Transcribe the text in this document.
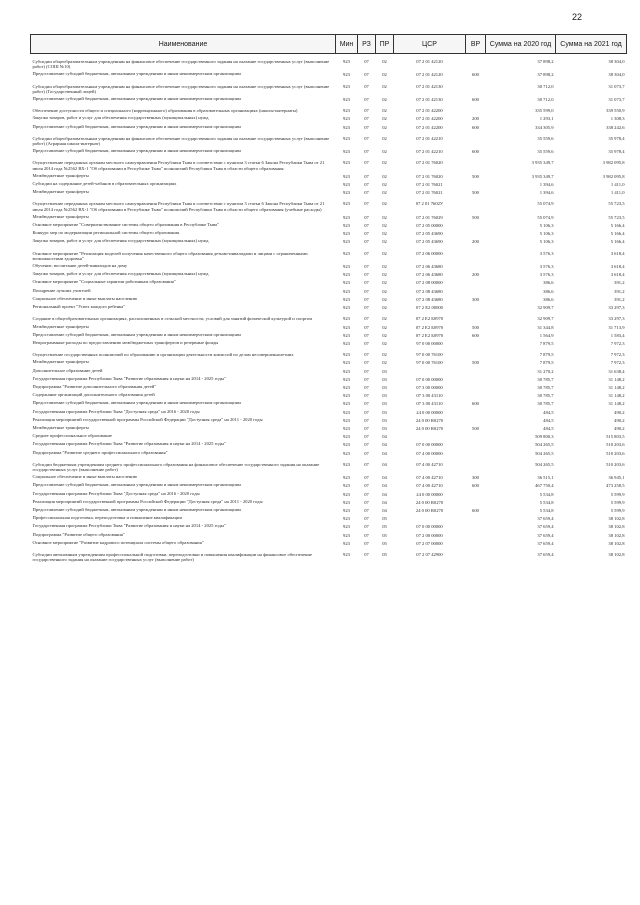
22
Наименование	Мин	РЗ	ПР	ЦСР	ВР	Сумма на 2020 год	Сумма на 2021 год
Субсидии общеобразовательным учреждениям на финансовое обеспечение государственного задания на оказание государственных услуг (выполнение работ) (СОШ №10)	923	07	02	07 2 01 42120		37 898,2	38 304,0
Предоставление субсидий бюджетным, автономным учреждениям и иным некоммерческим организациям	923	07	02	07 2 01 42120	600	37 898,2	38 304,0
Субсидии общеобразовательным учреждениям на финансовое обеспечение государственного задания на оказание государственных услуг (выполнение работ) (Государственный лицей)	923	07	02	07 2 01 42130		30 712,0	31 073,7
Предоставление субсидий бюджетным, автономным учреждениям и иным некоммерческим организациям	923	07	02	07 2 01 42130	600	30 712,0	31 073,7
Обеспечение доступности общего и специального (коррекционного) образования в образовательных организациях (школы-интернаты)	923	07	02	07 2 01 42200		335 599,0	339 550,9
Закупка товаров, работ и услуг для обеспечения государственных (муниципальных) нужд	923	07	02	07 2 01 42200	200	1 293,1	1 308,3
Предоставление субсидий бюджетным, автономным учреждениям и иным некоммерческим организациям	923	07	02	07 2 01 42200	600	334 305,9	338 242,6
Субсидии общеобразовательным учреждениям на финансовое обеспечение государственного задания на оказание государственных услуг (выполнение работ) (Аграрная школа-интернат)	923	07	02	07 2 01 42210		35 559,6	35 978,4
Предоставление субсидий бюджетным, автономным учреждениям и иным некоммерческим организациям	923	07	02	07 2 01 42210	600	35 559,6	35 978,4
Осуществление переданных органам местного самоуправления Республики Тыва в соответствии с пунктом 3 статьи 6 Закона Республики Тыва от 21 июля 2014 года №2562 ВХ-1 "Об образовании в Республике Тыва" полномочий Республики Тыва в области общего образования	923	07	02	07 2 01 76020		3 935 349,7	3 982 095,8
Межбюджетные трансферты	923	07	02	07 2 01 76020	500	3 935 349,7	3 982 095,8
Субсидии на содержание детей-чабанов в образовательных организациях	923	07	02	07 2 01 76021		1 394,6	1 411,0
Межбюджетные трансферты	923	07	02	07 2 01 76021	500	1 394,6	1 411,0
Осуществление переданных органам местного самоуправления Республики Тыва в соответствии с пунктом 3 статьи 6 Закона Республики Тыва от 21 июля 2014 года №2562 ВХ-1 "Об образовании в Республике Тыва" полномочий Республики Тыва в области общего образования (учебные расходы)	923	07	02	07 2 01 7602У		55 074,9	55 723,5
Межбюджетные трансферты	923	07	02	07 2 01 76029	500	55 074,9	55 723,5
Основное мероприятие "Совершенствование системы общего образования в Республике Тыва"	923	07	02	07 2 05 00000		5 106,3	5 166,4
Конкурс мер по модернизации региональной системы общего образования	923	07	02	07 2 05 43690		5 106,3	5 166,4
Закупка товаров, работ и услуг для обеспечения государственных (муниципальных) нужд	923	07	02	07 2 05 43690	200	5 106,3	5 166,4
Основное мероприятие "Реализация моделей получения качественного общего образования детьми-инвалидами и лицами с ограниченными возможностями здоровья"	923	07	02	07 2 06 00000		3 576,3	3 618,4
Обучение, воспитание детей-инвалидов на дому	923	07	02	07 2 06 43680		3 576,3	3 618,4
Закупка товаров, работ и услуг для обеспечения государственных (муниципальных) нужд	923	07	02	07 2 06 43680	200	3 576,3	3 618,4
Основное мероприятие "Социальные гарантии работникам образования"	923	07	02	07 2 08 00000		386,6	391,2
Поощрение лучших учителей	923	07	02	07 2 08 43680		386,6	391,2
Социальное обеспечение и иные выплаты населению	923	07	02	07 2 08 43680	300	386,6	391,2
Региональный проект "Успех каждого ребенка"	923	07	02	07 2 E2 00000		32 909,7	33 297,3
Создание в общеобразовательных организациях, расположенных в сельской местности, условий для занятий физической культурой и спортом	923	07	02	07 2 E2 Б0970		32 909,7	33 297,3
Межбюджетные трансферты	923	07	02	07 2 E2 Б0970	500	31 344,8	31 713,9
Предоставление субсидий бюджетным, автономным учреждениям и иным некоммерческим организациям	923	07	02	07 2 E2 Б0970	600	1 564,9	1 583,4
Непрограммные расходы по предоставлению межбюджетных трансфертов и резервные фонды	923	07	02	97 0 00 00000		7 879,5	7 972,3
Осуществление государственных полномочий по образованию и организации деятельности комиссий по делам несовершеннолетних	923	07	02	97 0 00 76100		7 879,5	7 972,3
Межбюджетные трансферты	923	07	02	97 0 00 76100	500	7 879,5	7 972,3
Дополнительное образование детей	923	07	03			31 270,2	31 638,4
Государственная программа Республики Тыва "Развитие образования и науки на 2014 - 2025 годы"	923	07	03	07 0 00 00000		30 785,7	31 148,2
Подпрограмма "Развитие дополнительного образования детей"	923	07	03	07 3 00 00000		30 785,7	31 148,2
Содержание организаций дополнительного образования детей	923	07	03	07 3 00 43110		30 785,7	31 148,2
Предоставление субсидий бюджетным, автономным учреждениям и иным некоммерческим организациям	923	07	03	07 3 00 43110	600	30 785,7	31 148,2
Государственная программа Республики Тыва "Доступная среда" на 2016 - 2020 годы	923	07	03	24 0 00 00000		484,5	490,2
Реализация мероприятий государственной программы Российской Федерации "Доступная среда" на 2011 - 2020 годы	923	07	03	24 0 00 R0270		484,5	490,2
Межбюджетные трансферты	923	07	03	24 0 00 R0270	500	484,5	490,2
Среднее профессиональное образование	923	07	04			509 800,3	515 803,5
Государственная программа Республики Тыва "Развитие образования и науки на 2014 - 2025 годы"	923	07	04	07 0 00 00000		504 265,5	510 203,6
Подпрограмма "Развитие среднего профессионального образования"	923	07	04	07 4 00 00000		504 265,5	510 203,6
Субсидии бюджетным учреждениям среднего профессионального образования на финансовое обеспечение государственного задания на оказание государственных услуг (выполнение работ)	923	07	04	07 4 00 42710		504 265,5	510 203,6
Социальное обеспечение и иные выплаты населению	923	07	04	07 4 00 42710	300	36 515,1	36 945,1
Предоставление субсидий бюджетным, автономным учреждениям и иным некоммерческим организациям	923	07	04	07 4 00 42710	600	467 750,4	473 258,5
Государственная программа Республики Тыва "Доступная среда" на 2016 - 2020 годы	923	07	04	24 0 00 00000		5 534,8	5 599,9
Реализация мероприятий государственной программы Российской Федерации "Доступная среда" на 2011 - 2020 годы	923	07	04	24 0 00 R0270		5 534,8	5 599,9
Предоставление субсидий бюджетным, автономным учреждениям и иным некоммерческим организациям	923	07	04	24 0 00 R0270	600	5 534,8	5 599,9
Профессиональная подготовка, переподготовка и повышение квалификации	923	07	05			37 659,4	38 102,8
Государственная программа Республики Тыва "Развитие образования и науки на 2014 - 2025 годы"	923	07	05	07 0 00 00000		37 659,4	38 102,8
Подпрограмма "Развитие общего образования"	923	07	05	07 2 00 00000		37 659,4	38 102,8
Основное мероприятие "Развитие кадрового потенциала системы общего образования"	923	07	05	07 2 07 00000		37 659,4	38 102,8
Субсидии автономным учреждениям профессиональной подготовки, переподготовки и повышения квалификации на финансовое обеспечение государственного задания на оказание государственных услуг (выполнение работ)	923	07	05	07 2 07 42900		37 659,4	38 102,8
